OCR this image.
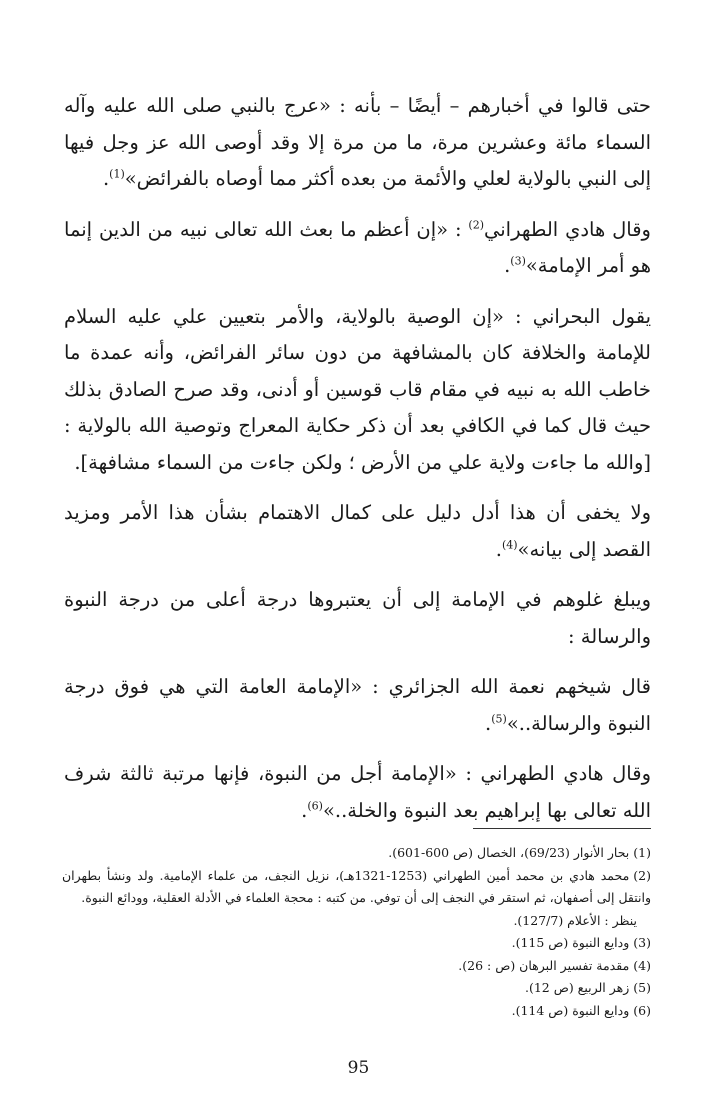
حتى قالوا في أخبارهم – أيضًا – بأنه : «عرج بالنبي صلى الله عليه وآله السماء مائة وعشرين مرة، ما من مرة إلا وقد أوصى الله عز وجل فيها إلى النبي بالولاية لعلي والأئمة من بعده أكثر مما أوصاه بالفرائض»$^{(1)}$.

وقال هادي الطهراني$^{(2)}$ : «إن أعظم ما بعث الله تعالى نبيه من الدين إنما هو أمر الإمامة»$^{(3)}$.

يقول البحراني : «إن الوصية بالولاية، والأمر بتعيين علي عليه السلام للإمامة والخلافة كان بالمشافهة من دون سائر الفرائض، وأنه عمدة ما خاطب الله به نبيه في مقام قاب قوسين أو أدنى، وقد صرح الصادق بذلك حيث قال كما في الكافي بعد أن ذكر حكاية المعراج وتوصية الله بالولاية : [والله ما جاءت ولاية علي من الأرض ؛ ولكن جاءت من السماء مشافهة].

ولا يخفى أن هذا أدل دليل على كمال الاهتمام بشأن هذا الأمر ومزيد القصد إلى بيانه»$^{(4)}$.

ويبلغ غلوهم في الإمامة إلى أن يعتبروها درجة أعلى من درجة النبوة والرسالة :

قال شيخهم نعمة الله الجزائري : «الإمامة العامة التي هي فوق درجة النبوة والرسالة..»$^{(5)}$.

وقال هادي الطهراني : «الإمامة أجل من النبوة، فإنها مرتبة ثالثة شرف الله تعالى بها إبراهيم بعد النبوة والخلة..»$^{(6)}$.

(1)بحار الأنوار (69/23)، الخصال (ص 600-601).

(2)محمد هادي بن محمد أمين الطهراني (1253-1321هـ)، نزيل النجف، من علماء الإمامية. ولد ونشأ بطهران وانتقل إلى أصفهان، ثم استقر في النجف إلى أن توفي. من كتبه : محجة العلماء في الأدلة العقلية، وودائع النبوة.

ينظر : الأعلام (127/7).

(3)ودايع النبوة (ص 115).

(4)مقدمة تفسير البرهان (ص : 26).

(5)زهر الربيع (ص 12).

(6)ودايع النبوة (ص 114).

95
